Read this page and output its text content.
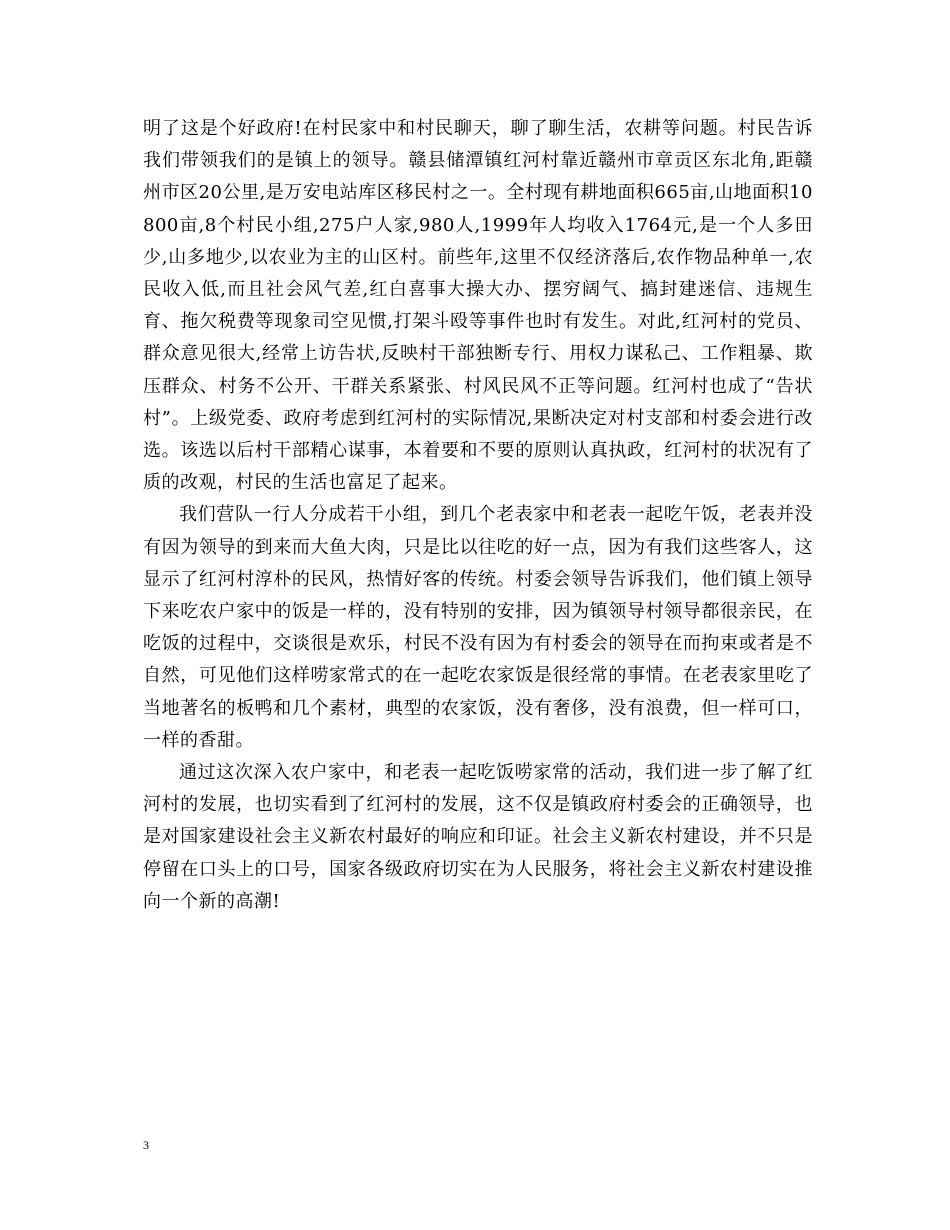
明了这是个好政府!在村民家中和村民聊天，聊了聊生活，农耕等问题。村民告诉我们带领我们的是镇上的领导。赣县储潭镇红河村靠近赣州市章贡区东北角,距赣州市区20公里,是万安电站库区移民村之一。全村现有耕地面积665亩,山地面积10800亩,8个村民小组,275户人家,980人,1999年人均收入1764元,是一个人多田少,山多地少,以农业为主的山区村。前些年,这里不仅经济落后,农作物品种单一,农民收入低,而且社会风气差,红白喜事大操大办、摆穷阔气、搞封建迷信、违规生育、拖欠税费等现象司空见惯,打架斗殴等事件也时有发生。对此,红河村的党员、群众意见很大,经常上访告状,反映村干部独断专行、用权力谋私己、工作粗暴、欺压群众、村务不公开、干群关系紧张、村风民风不正等问题。红河村也成了“告状村”。上级党委、政府考虑到红河村的实际情况,果断决定对村支部和村委会进行改选。该选以后村干部精心谋事，本着要和不要的原则认真执政，红河村的状况有了质的改观，村民的生活也富足了起来。

我们营队一行人分成若干小组，到几个老表家中和老表一起吃午饭，老表并没有因为领导的到来而大鱼大肉，只是比以往吃的好一点，因为有我们这些客人，这显示了红河村淳朴的民风，热情好客的传统。村委会领导告诉我们，他们镇上领导下来吃农户家中的饭是一样的，没有特别的安排，因为镇领导村领导都很亲民，在吃饭的过程中，交谈很是欢乐，村民不没有因为有村委会的领导在而拘束或者是不自然，可见他们这样唠家常式的在一起吃农家饭是很经常的事情。在老表家里吃了当地著名的板鸭和几个素材，典型的农家饭，没有奢侈，没有浪费，但一样可口，一样的香甜。

通过这次深入农户家中，和老表一起吃饭唠家常的活动，我们进一步了解了红河村的发展，也切实看到了红河村的发展，这不仅是镇政府村委会的正确领导，也是对国家建设社会主义新农村最好的响应和印证。社会主义新农村建设，并不只是停留在口头上的口号，国家各级政府切实在为人民服务，将社会主义新农村建设推向一个新的高潮!

3
